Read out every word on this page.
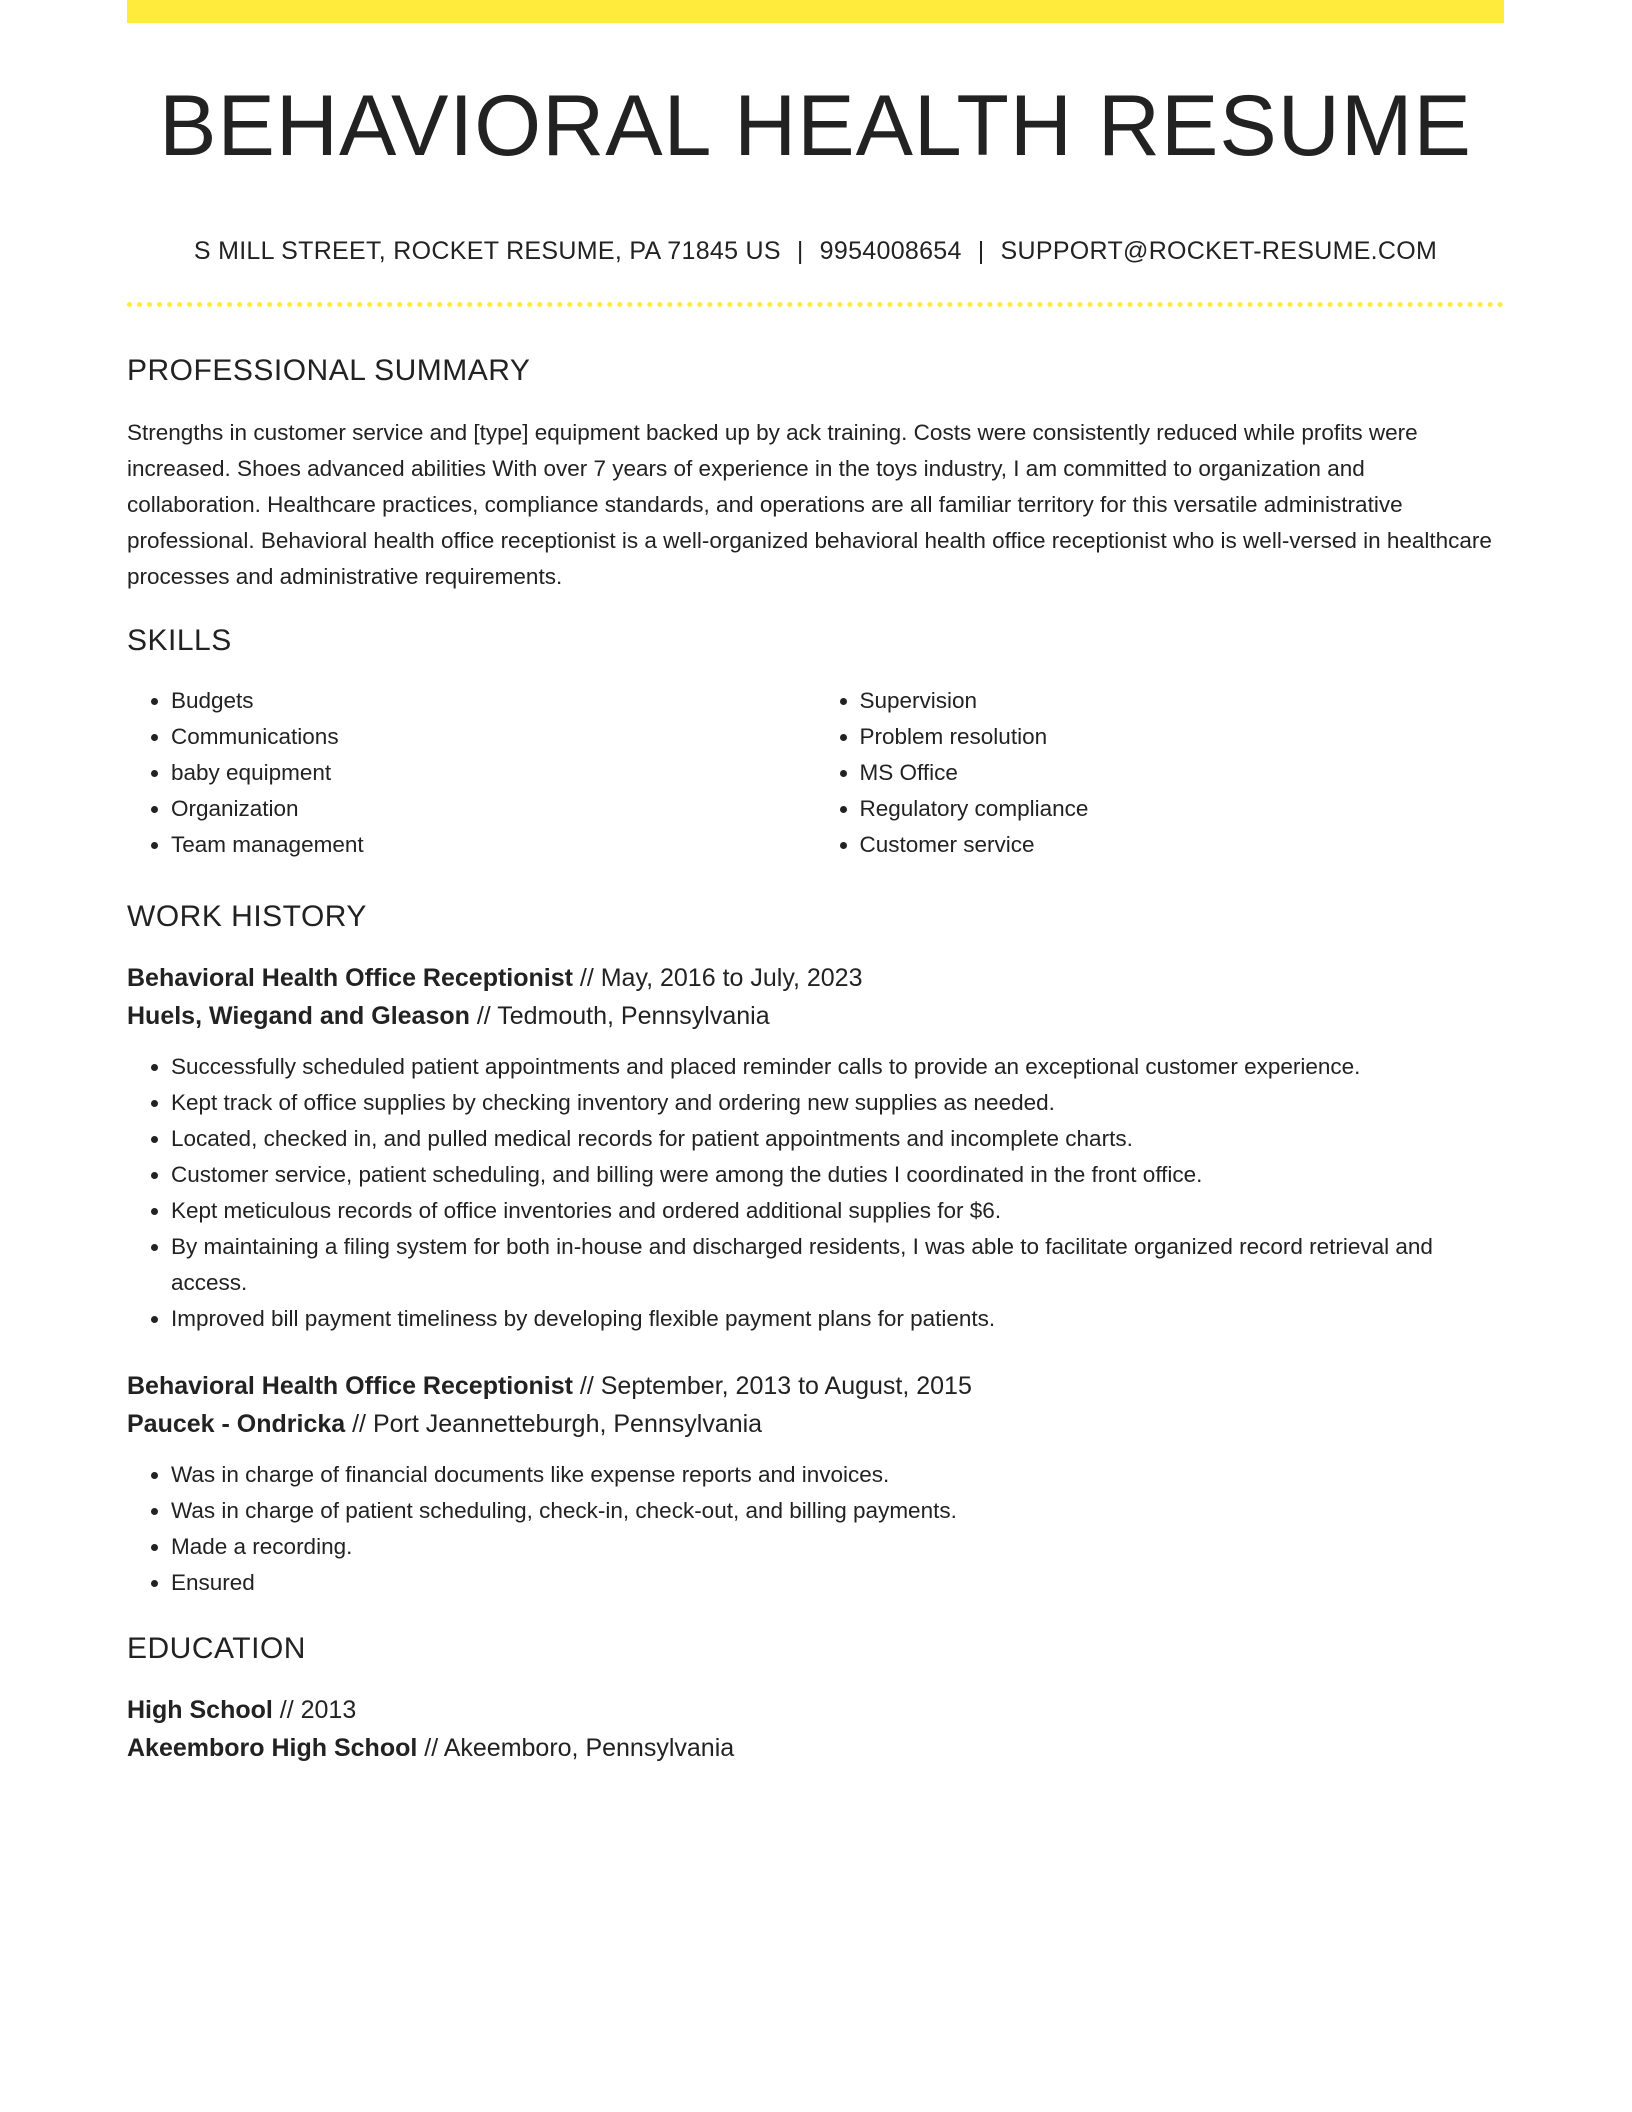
BEHAVIORAL HEALTH RESUME
S MILL STREET, ROCKET RESUME, PA 71845 US | 9954008654 | SUPPORT@ROCKET-RESUME.COM
PROFESSIONAL SUMMARY

Strengths in customer service and [type] equipment backed up by ack training. Costs were consistently reduced while profits were increased. Shoes advanced abilities With over 7 years of experience in the toys industry, I am committed to organization and collaboration. Healthcare practices, compliance standards, and operations are all familiar territory for this versatile administrative professional. Behavioral health office receptionist is a well-organized behavioral health office receptionist who is well-versed in healthcare processes and administrative requirements.

SKILLS
• Budgets
• Communications
• baby equipment
• Organization
• Team management
• Supervision
• Problem resolution
• MS Office
• Regulatory compliance
• Customer service
WORK HISTORY
Behavioral Health Office Receptionist // May, 2016 to July, 2023
Huels, Wiegand and Gleason // Tedmouth, Pennsylvania
• Successfully scheduled patient appointments and placed reminder calls to provide an exceptional customer experience.
• Kept track of office supplies by checking inventory and ordering new supplies as needed.
• Located, checked in, and pulled medical records for patient appointments and incomplete charts.
• Customer service, patient scheduling, and billing were among the duties I coordinated in the front office.
• Kept meticulous records of office inventories and ordered additional supplies for $6.
• By maintaining a filing system for both in-house and discharged residents, I was able to facilitate organized record retrieval and access.
• Improved bill payment timeliness by developing flexible payment plans for patients.
Behavioral Health Office Receptionist // September, 2013 to August, 2015
Paucek - Ondricka // Port Jeannetteburgh, Pennsylvania
• Was in charge of financial documents like expense reports and invoices.
• Was in charge of patient scheduling, check-in, check-out, and billing payments.
• Made a recording.
• Ensured
EDUCATION
High School // 2013
Akeemboro High School // Akeemboro, Pennsylvania
